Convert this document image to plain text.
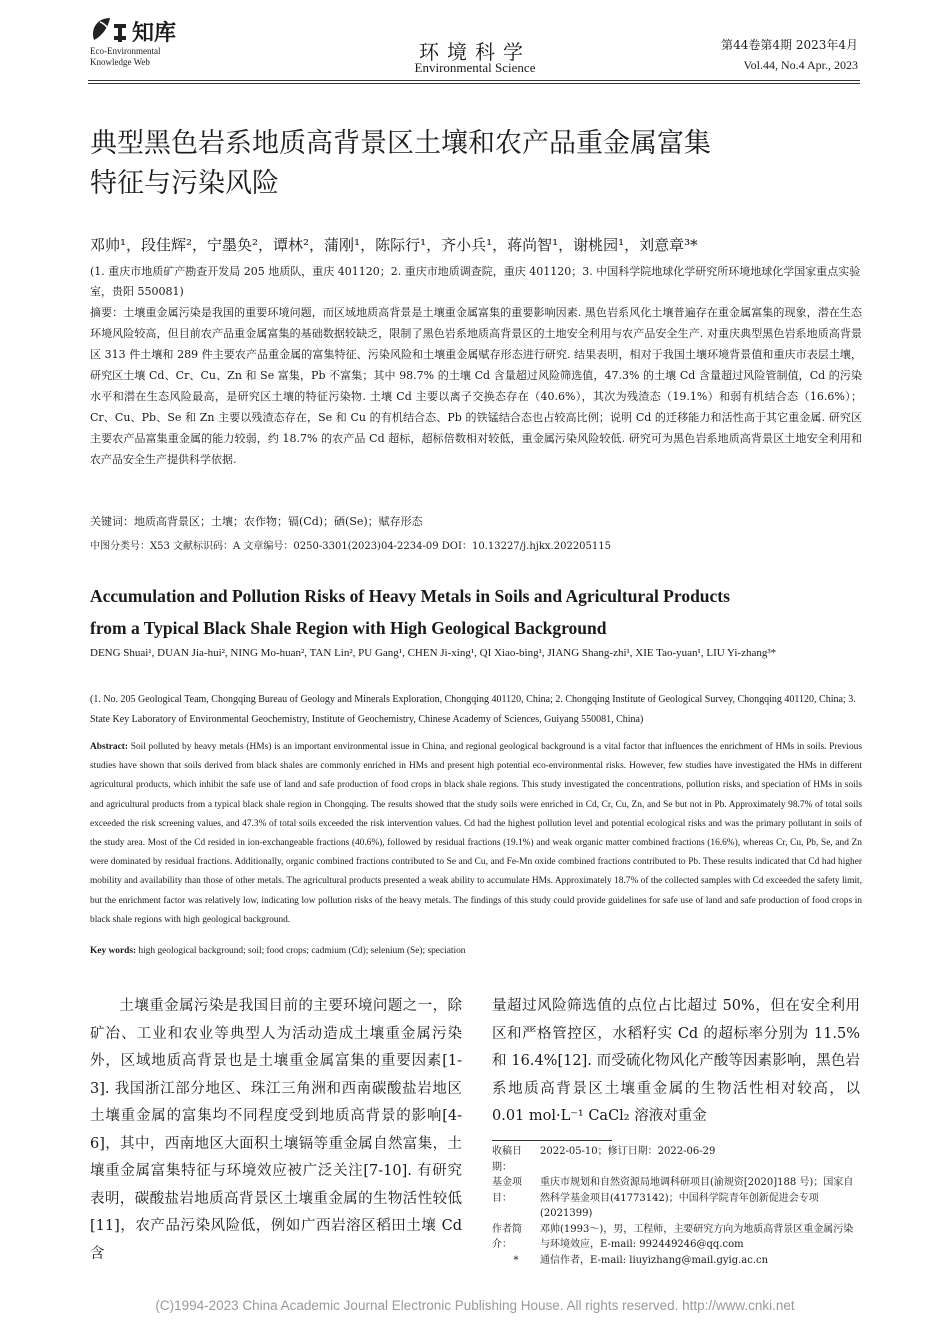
知库
Eco-Environmental
Knowledge Web	环境科学
Environmental Science
第44卷第4期 2023年4月
Vol.44, No.4 Apr., 2023
典型黑色岩系地质高背景区土壤和农产品重金属富集
特征与污染风险
邓帅¹，段佳辉²，宁墨奂²，谭林²，蒲刚¹，陈际行¹，齐小兵¹，蒋尚智¹，谢桃园¹，刘意章³*
(1. 重庆市地质矿产勘查开发局 205 地质队，重庆 401120；2. 重庆市地质调查院，重庆 401120；3. 中国科学院地球化学研究所环境地球化学国家重点实验室，贵阳 550081)
摘要：土壤重金属污染是我国的重要环境问题，而区域地质高背景是土壤重金属富集的重要影响因素. 黑色岩系风化土壤普遍存在重金属富集的现象，潜在生态环境风险较高，但目前农产品重金属富集的基础数据较缺乏，限制了黑色岩系地质高背景区的土地安全利用与农产品安全生产. 对重庆典型黑色岩系地质高背景区 313 件土壤和 289 件主要农产品重金属的富集特征、污染风险和土壤重金属赋存形态进行研究. 结果表明，相对于我国土壤环境背景值和重庆市表层土壤，研究区土壤 Cd、Cr、Cu、Zn 和 Se 富集，Pb 不富集；其中 98.7% 的土壤 Cd 含量超过风险筛选值，47.3% 的土壤 Cd 含量超过风险管制值，Cd 的污染水平和潜在生态风险最高，是研究区土壤的特征污染物. 土壤 Cd 主要以离子交换态存在（40.6%），其次为残渣态（19.1%）和弱有机结合态（16.6%）；Cr、Cu、Pb、Se 和 Zn 主要以残渣态存在，Se 和 Cu 的有机结合态、Pb 的铁锰结合态也占较高比例；说明 Cd 的迁移能力和活性高于其它重金属. 研究区主要农产品富集重金属的能力较弱，约 18.7% 的农产品 Cd 超标，超标倍数相对较低，重金属污染风险较低. 研究可为黑色岩系地质高背景区土地安全利用和农产品安全生产提供科学依据.
关键词：地质高背景区；土壤；农作物；镉(Cd)；硒(Se)；赋存形态
中图分类号：X53 文献标识码：A 文章编号：0250-3301(2023)04-2234-09 DOI：10.13227/j.hjkx.202205115
Accumulation and Pollution Risks of Heavy Metals in Soils and Agricultural Products
from a Typical Black Shale Region with High Geological Background
DENG Shuai¹, DUAN Jia-hui², NING Mo-huan², TAN Lin², PU Gang¹, CHEN Ji-xing¹, QI Xiao-bing¹, JIANG Shang-zhi¹, XIE Tao-yuan¹, LIU Yi-zhang³*
(1. No. 205 Geological Team, Chongqing Bureau of Geology and Minerals Exploration, Chongqing 401120, China; 2. Chongqing Institute of Geological Survey, Chongqing 401120, China; 3. State Key Laboratory of Environmental Geochemistry, Institute of Geochemistry, Chinese Academy of Sciences, Guiyang 550081, China)
Abstract: Soil polluted by heavy metals (HMs) is an important environmental issue in China, and regional geological background is a vital factor that influences the enrichment of HMs in soils. Previous studies have shown that soils derived from black shales are commonly enriched in HMs and present high potential eco-environmental risks. However, few studies have investigated the HMs in different agricultural products, which inhibit the safe use of land and safe production of food crops in black shale regions. This study investigated the concentrations, pollution risks, and speciation of HMs in soils and agricultural products from a typical black shale region in Chongqing. The results showed that the study soils were enriched in Cd, Cr, Cu, Zn, and Se but not in Pb. Approximately 98.7% of total soils exceeded the risk screening values, and 47.3% of total soils exceeded the risk intervention values. Cd had the highest pollution level and potential ecological risks and was the primary pollutant in soils of the study area. Most of the Cd resided in ion-exchangeable fractions (40.6%), followed by residual fractions (19.1%) and weak organic matter combined fractions (16.6%), whereas Cr, Cu, Pb, Se, and Zn were dominated by residual fractions. Additionally, organic combined fractions contributed to Se and Cu, and Fe-Mn oxide combined fractions contributed to Pb. These results indicated that Cd had higher mobility and availability than those of other metals. The agricultural products presented a weak ability to accumulate HMs. Approximately 18.7% of the collected samples with Cd exceeded the safety limit, but the enrichment factor was relatively low, indicating low pollution risks of the heavy metals. The findings of this study could provide guidelines for safe use of land and safe production of food crops in black shale regions with high geological background.
Key words: high geological background; soil; food crops; cadmium (Cd); selenium (Se); speciation
土壤重金属污染是我国目前的主要环境问题之一，除矿冶、工业和农业等典型人为活动造成土壤重金属污染外，区域地质高背景也是土壤重金属富集的重要因素[1-3]. 我国浙江部分地区、珠江三角洲和西南碳酸盐岩地区土壤重金属的富集均不同程度受到地质高背景的影响[4-6]，其中，西南地区大面积土壤镉等重金属自然富集，土壤重金属富集特征与环境效应被广泛关注[7-10]. 有研究表明，碳酸盐岩地质高背景区土壤重金属的生物活性较低[11]，农产品污染风险低，例如广西岩溶区稻田土壤 Cd 含
量超过风险筛选值的点位占比超过 50%，但在安全利用区和严格管控区，水稻籽实 Cd 的超标率分别为 11.5% 和 16.4%[12]. 而受硫化物风化产酸等因素影响，黑色岩系地质高背景区土壤重金属的生物活性相对较高，以 0.01 mol·L⁻¹ CaCl₂ 溶液对重金
收稿日期：
2022-05-10；修订日期：2022-06-29
基金项目：
重庆市规划和自然资源局地调科研项目(渝规资[2020]188 号)；国家自然科学基金项目(41773142)；中国科学院青年创新促进会专项(2021399)
作者简介：
邓帅(1993～)，男，工程师，主要研究方向为地质高背景区重金属污染与环境效应，E-mail: 992449246@qq.com
*	通信作者，E-mail: liuyizhang@mail.gyig.ac.cn
(C)1994-2023 China Academic Journal Electronic Publishing House. All rights reserved. http://www.cnki.net
